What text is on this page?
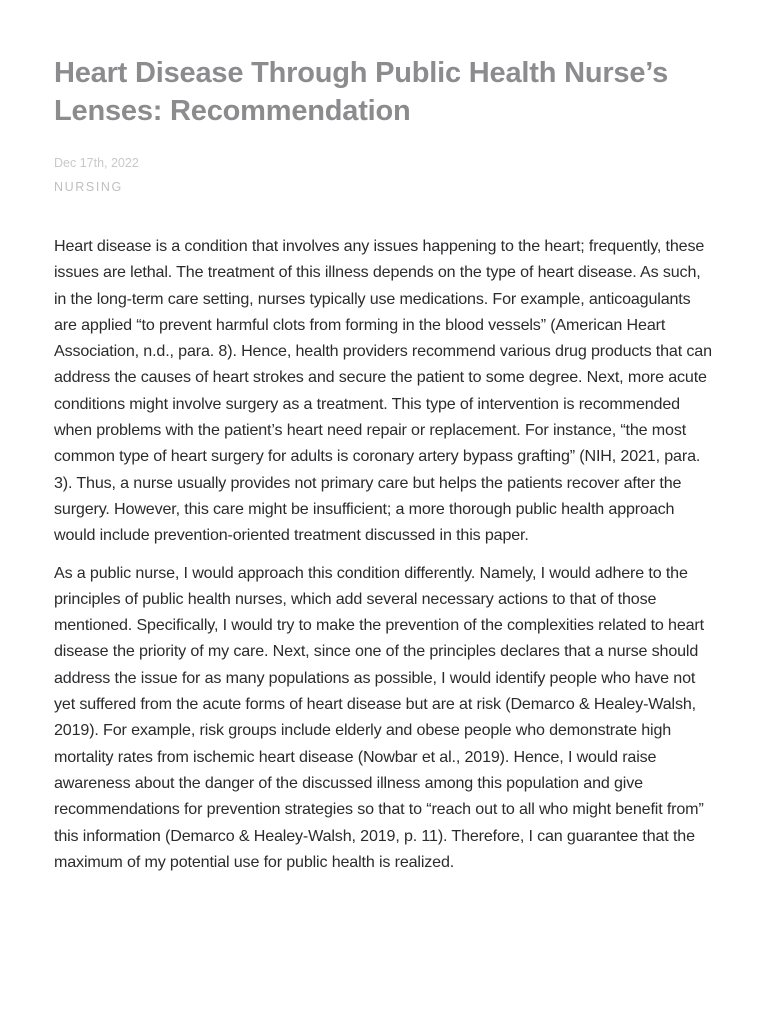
Heart Disease Through Public Health Nurse’s Lenses: Recommendation
Dec 17th, 2022
NURSING

Heart disease is a condition that involves any issues happening to the heart; frequently, these issues are lethal. The treatment of this illness depends on the type of heart disease. As such, in the long-term care setting, nurses typically use medications. For example, anticoagulants are applied “to prevent harmful clots from forming in the blood vessels” (American Heart Association, n.d., para. 8). Hence, health providers recommend various drug products that can address the causes of heart strokes and secure the patient to some degree. Next, more acute conditions might involve surgery as a treatment. This type of intervention is recommended when problems with the patient’s heart need repair or replacement. For instance, “the most common type of heart surgery for adults is coronary artery bypass grafting” (NIH, 2021, para. 3). Thus, a nurse usually provides not primary care but helps the patients recover after the surgery. However, this care might be insufficient; a more thorough public health approach would include prevention-oriented treatment discussed in this paper.

As a public nurse, I would approach this condition differently. Namely, I would adhere to the principles of public health nurses, which add several necessary actions to that of those mentioned. Specifically, I would try to make the prevention of the complexities related to heart disease the priority of my care. Next, since one of the principles declares that a nurse should address the issue for as many populations as possible, I would identify people who have not yet suffered from the acute forms of heart disease but are at risk (Demarco & Healey-Walsh, 2019). For example, risk groups include elderly and obese people who demonstrate high mortality rates from ischemic heart disease (Nowbar et al., 2019). Hence, I would raise awareness about the danger of the discussed illness among this population and give recommendations for prevention strategies so that to “reach out to all who might benefit from” this information (Demarco & Healey-Walsh, 2019, p. 11). Therefore, I can guarantee that the maximum of my potential use for public health is realized.
